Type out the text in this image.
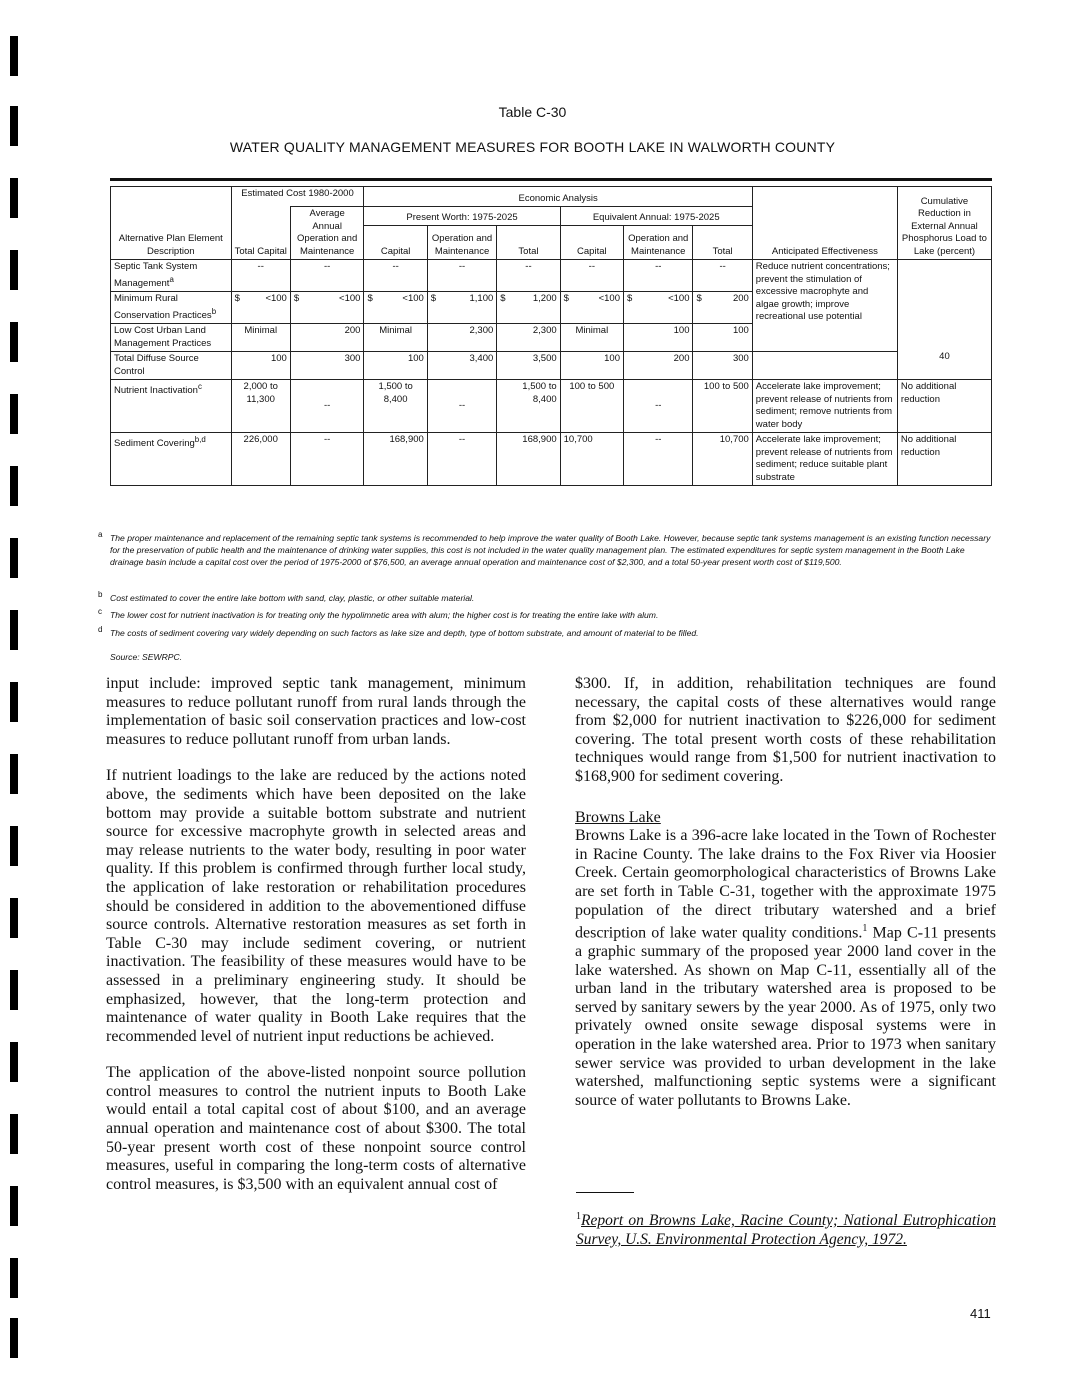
Table C-30
WATER QUALITY MANAGEMENT MEASURES FOR BOOTH LAKE IN WALWORTH COUNTY
Alternative Plan Element Description	Estimated Cost 1980-2000		Economic Analysis						Anticipated Effectiveness	Cumulative Reduction in External Annual Phosphorus Load to Lake (percent)
	Total Capital	Average Annual Operation and Maintenance	Present Worth: 1975-2025			Equivalent Annual: 1975-2025				
			Capital	Operation and Maintenance	Total	Capital	Operation and Maintenance	Total		
Septic Tank System Management$^a$	--	--	--	--	--	--	--	--	Reduce nutrient concentrations; prevent the stimulation of excessive macrophyte and algae growth; improve recreational use potential	40
Minimum Rural Conservation Practices$^b$	$ <100	$ <100	$ <100	$ 1,100	$ 1,200	$ <100	$ <100	$ 200		

Low Cost Urban Land Management Practices	Minimal	200	Minimal	2,300	2,300	Minimal	100	100		
Total Diffuse Source Control	100	300	100	3,400	3,500	100	200	300		
Nutrient Inactivation$^c$	2,000 to 11,300	--	1,500 to 8,400	--	1,500 to 8,400	100 to 500	--	100 to 500	Accelerate lake improvement; prevent release of nutrients from sediment; remove nutrients from water body	No additional reduction
Sediment Covering$^{b,d}$	226,000	--	168,900	--	168,900	10,700	--	10,700	Accelerate lake improvement; prevent release of nutrients from sediment; reduce suitable plant substrate	No additional reduction
a The proper maintenance and replacement of the remaining septic tank systems is recommended to help improve the water quality of Booth Lake. However, because septic tank systems management is an existing function necessary for the preservation of public health and the maintenance of drinking water supplies, this cost is not included in the water quality management plan. The estimated expenditures for septic system management in the Booth Lake drainage basin include a capital cost over the period of 1975-2000 of $76,500, an average annual operation and maintenance cost of $2,300, and a total 50-year present worth cost of $119,500.
b Cost estimated to cover the entire lake bottom with sand, clay, plastic, or other suitable material.
c The lower cost for nutrient inactivation is for treating only the hypolimnetic area with alum; the higher cost is for treating the entire lake with alum.
d The costs of sediment covering vary widely depending on such factors as lake size and depth, type of bottom substrate, and amount of material to be filled.
Source: SEWRPC.

input include: improved septic tank management, minimum measures to reduce pollutant runoff from rural lands through the implementation of basic soil conservation practices and low-cost measures to reduce pollutant runoff from urban lands.

If nutrient loadings to the lake are reduced by the actions noted above, the sediments which have been deposited on the lake bottom may provide a suitable bottom substrate and nutrient source for excessive macrophyte growth in selected areas and may release nutrients to the water body, resulting in poor water quality. If this problem is confirmed through further local study, the application of lake restoration or rehabilitation procedures should be considered in addition to the abovementioned diffuse source controls. Alternative restoration measures as set forth in Table C-30 may include sediment covering, or nutrient inactivation. The feasibility of these measures would have to be assessed in a preliminary engineering study. It should be emphasized, however, that the long-term protection and maintenance of water quality in Booth Lake requires that the recommended level of nutrient input reductions be achieved.

The application of the above-listed nonpoint source pollution control measures to control the nutrient inputs to Booth Lake would entail a total capital cost of about $100, and an average annual operation and maintenance cost of about $300. The total 50-year present worth cost of these nonpoint source control measures, useful in comparing the long-term costs of alternative control measures, is $3,500 with an equivalent annual cost of

$300. If, in addition, rehabilitation techniques are found necessary, the capital costs of these alternatives would range from $2,000 for nutrient inactivation to $226,000 for sediment covering. The total present worth costs of these rehabilitation techniques would range from $1,500 for nutrient inactivation to $168,900 for sediment covering.

Browns Lake

Browns Lake is a 396-acre lake located in the Town of Rochester in Racine County. The lake drains to the Fox River via Hoosier Creek. Certain geomorphological characteristics of Browns Lake are set forth in Table C-31, together with the approximate 1975 population of the direct tributary watershed and a brief description of lake water quality conditions.$^1$ Map C-11 presents a graphic summary of the proposed year 2000 land cover in the lake watershed. As shown on Map C-11, essentially all of the urban land in the tributary watershed area is proposed to be served by sanitary sewers by the year 2000. As of 1975, only two privately owned onsite sewage disposal systems were in operation in the lake watershed area. Prior to 1973 when sanitary sewer service was provided to urban development in the lake watershed, malfunctioning septic systems were a significant source of water pollutants to Browns Lake.

$^1$Report on Browns Lake, Racine County; National Eutrophication Survey, U.S. Environmental Protection Agency, 1972.
411
